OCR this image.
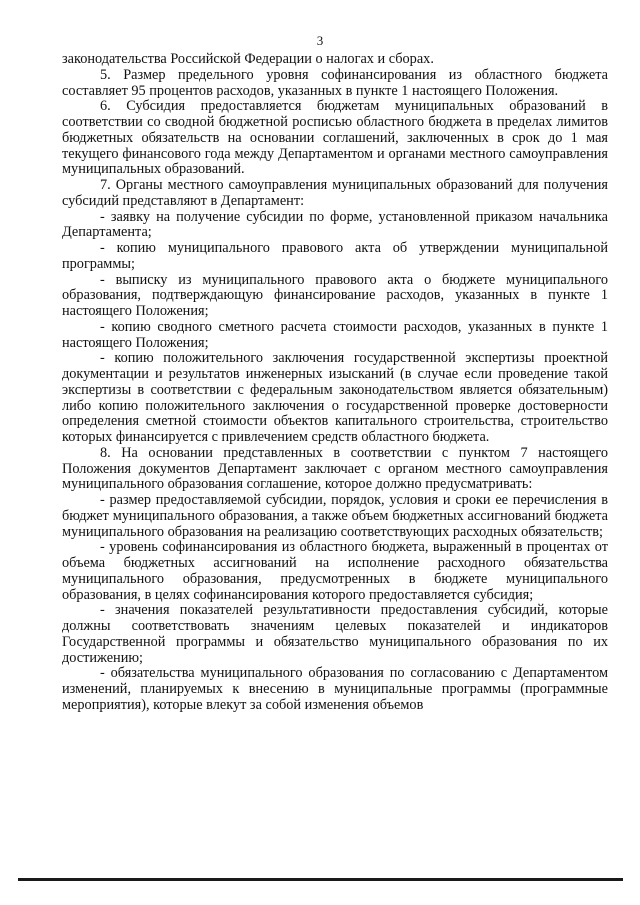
3

законодательства Российской Федерации о налогах и сборах.

5. Размер предельного уровня софинансирования из областного бюджета составляет 95 процентов расходов, указанных в пункте 1 настоящего Положения.

6. Субсидия предоставляется бюджетам муниципальных образований в соответствии со сводной бюджетной росписью областного бюджета в пределах лимитов бюджетных обязательств на основании соглашений, заключенных в срок до 1 мая текущего финансового года между Департаментом и органами местного самоуправления муниципальных образований.

7. Органы местного самоуправления муниципальных образований для получения субсидий представляют в Департамент:

- заявку на получение субсидии по форме, установленной приказом начальника Департамента;

- копию муниципального правового акта об утверждении муниципальной программы;

- выписку из муниципального правового акта о бюджете муниципального образования, подтверждающую финансирование расходов, указанных в пункте 1 настоящего Положения;

- копию сводного сметного расчета стоимости расходов, указанных в пункте 1 настоящего Положения;

- копию положительного заключения государственной экспертизы проектной документации и результатов инженерных изысканий (в случае если проведение такой экспертизы в соответствии с федеральным законодательством является обязательным) либо копию положительного заключения о государственной проверке достоверности определения сметной стоимости объектов капитального строительства, строительство которых финансируется с привлечением средств областного бюджета.

8. На основании представленных в соответствии с пунктом 7 настоящего Положения документов Департамент заключает с органом местного самоуправления муниципального образования соглашение, которое должно предусматривать:

- размер предоставляемой субсидии, порядок, условия и сроки ее перечисления в бюджет муниципального образования, а также объем бюджетных ассигнований бюджета муниципального образования на реализацию соответствующих расходных обязательств;

- уровень софинансирования из областного бюджета, выраженный в процентах от объема бюджетных ассигнований на исполнение расходного обязательства муниципального образования, предусмотренных в бюджете муниципального образования, в целях софинансирования которого предоставляется субсидия;

- значения показателей результативности предоставления субсидий, которые должны соответствовать значениям целевых показателей и индикаторов Государственной программы и обязательство муниципального образования по их достижению;

- обязательства муниципального образования по согласованию с Департаментом изменений, планируемых к внесению в муниципальные программы (программные мероприятия), которые влекут за собой изменения объемов
